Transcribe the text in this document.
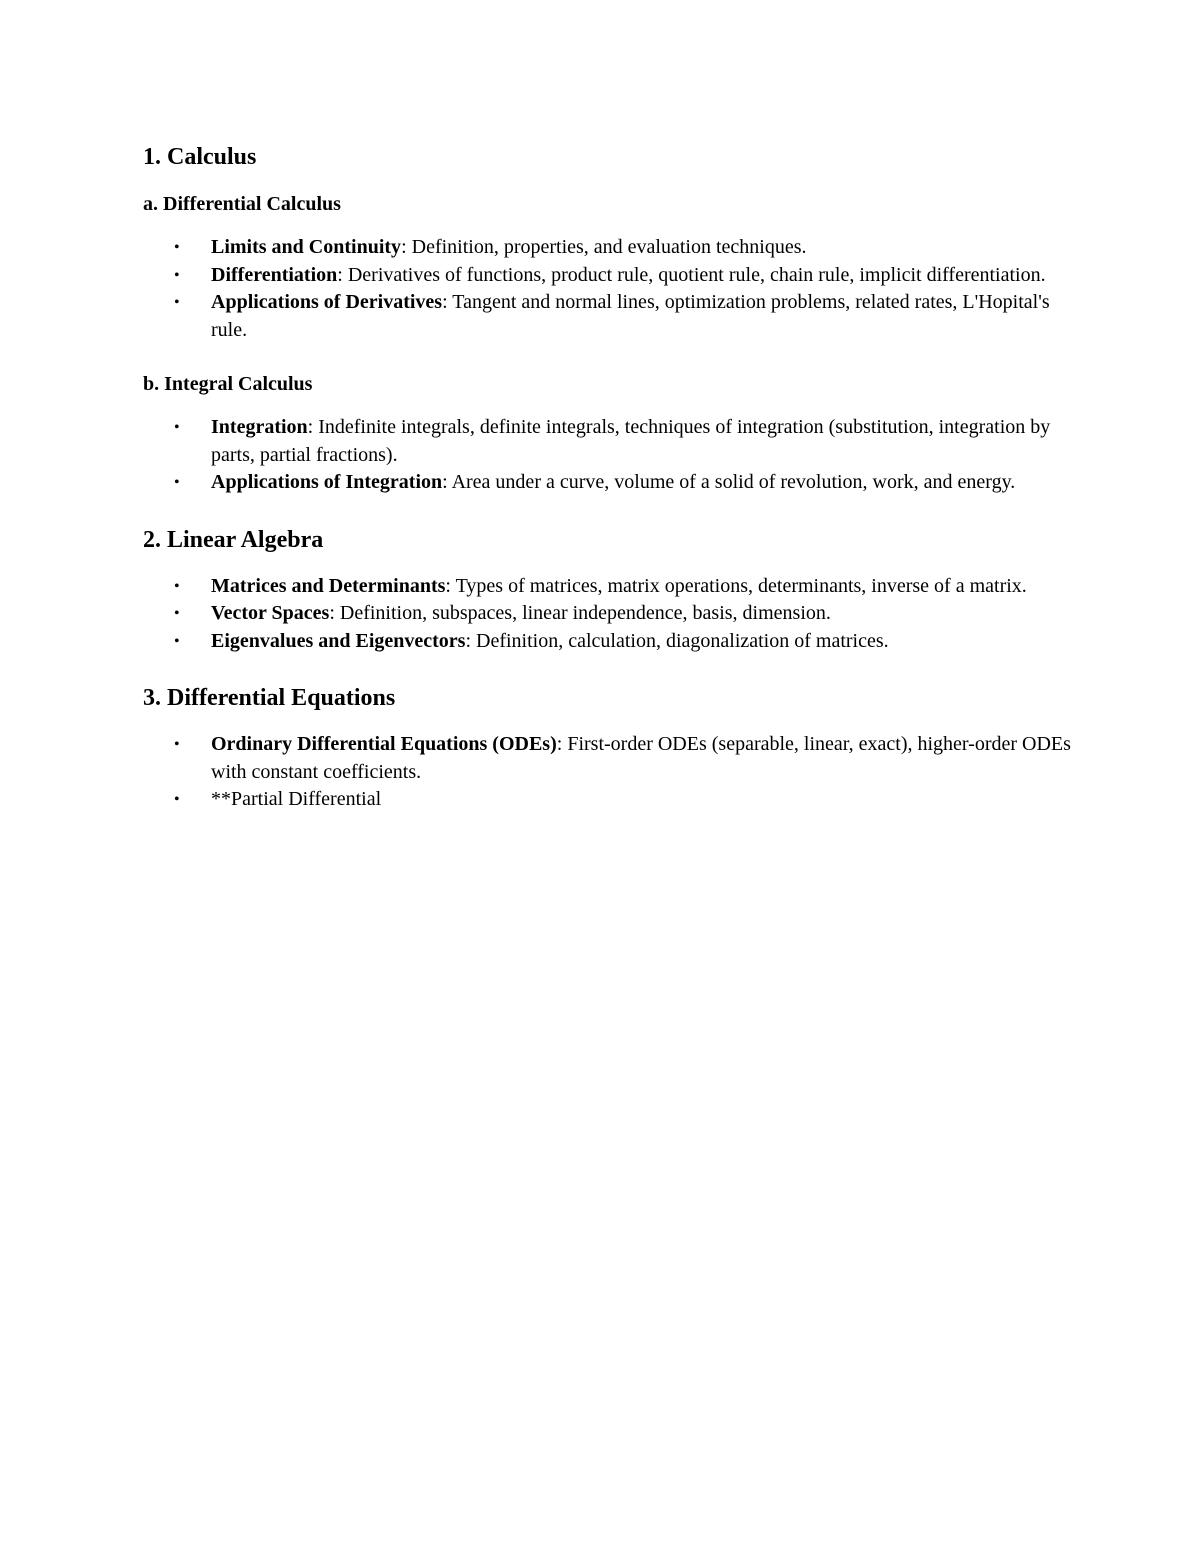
1. Calculus
a. Differential Calculus
• Limits and Continuity: Definition, properties, and evaluation techniques.
• Differentiation: Derivatives of functions, product rule, quotient rule, chain rule, implicit differentiation.
• Applications of Derivatives: Tangent and normal lines, optimization problems, related rates, L'Hopital's rule.
b. Integral Calculus
• Integration: Indefinite integrals, definite integrals, techniques of integration (substitution, integration by parts, partial fractions).
• Applications of Integration: Area under a curve, volume of a solid of revolution, work, and energy.
2. Linear Algebra
• Matrices and Determinants: Types of matrices, matrix operations, determinants, inverse of a matrix.
• Vector Spaces: Definition, subspaces, linear independence, basis, dimension.
• Eigenvalues and Eigenvectors: Definition, calculation, diagonalization of matrices.
3. Differential Equations
• Ordinary Differential Equations (ODEs): First-order ODEs (separable, linear, exact), higher-order ODEs with constant coefficients.
• **Partial Differential
